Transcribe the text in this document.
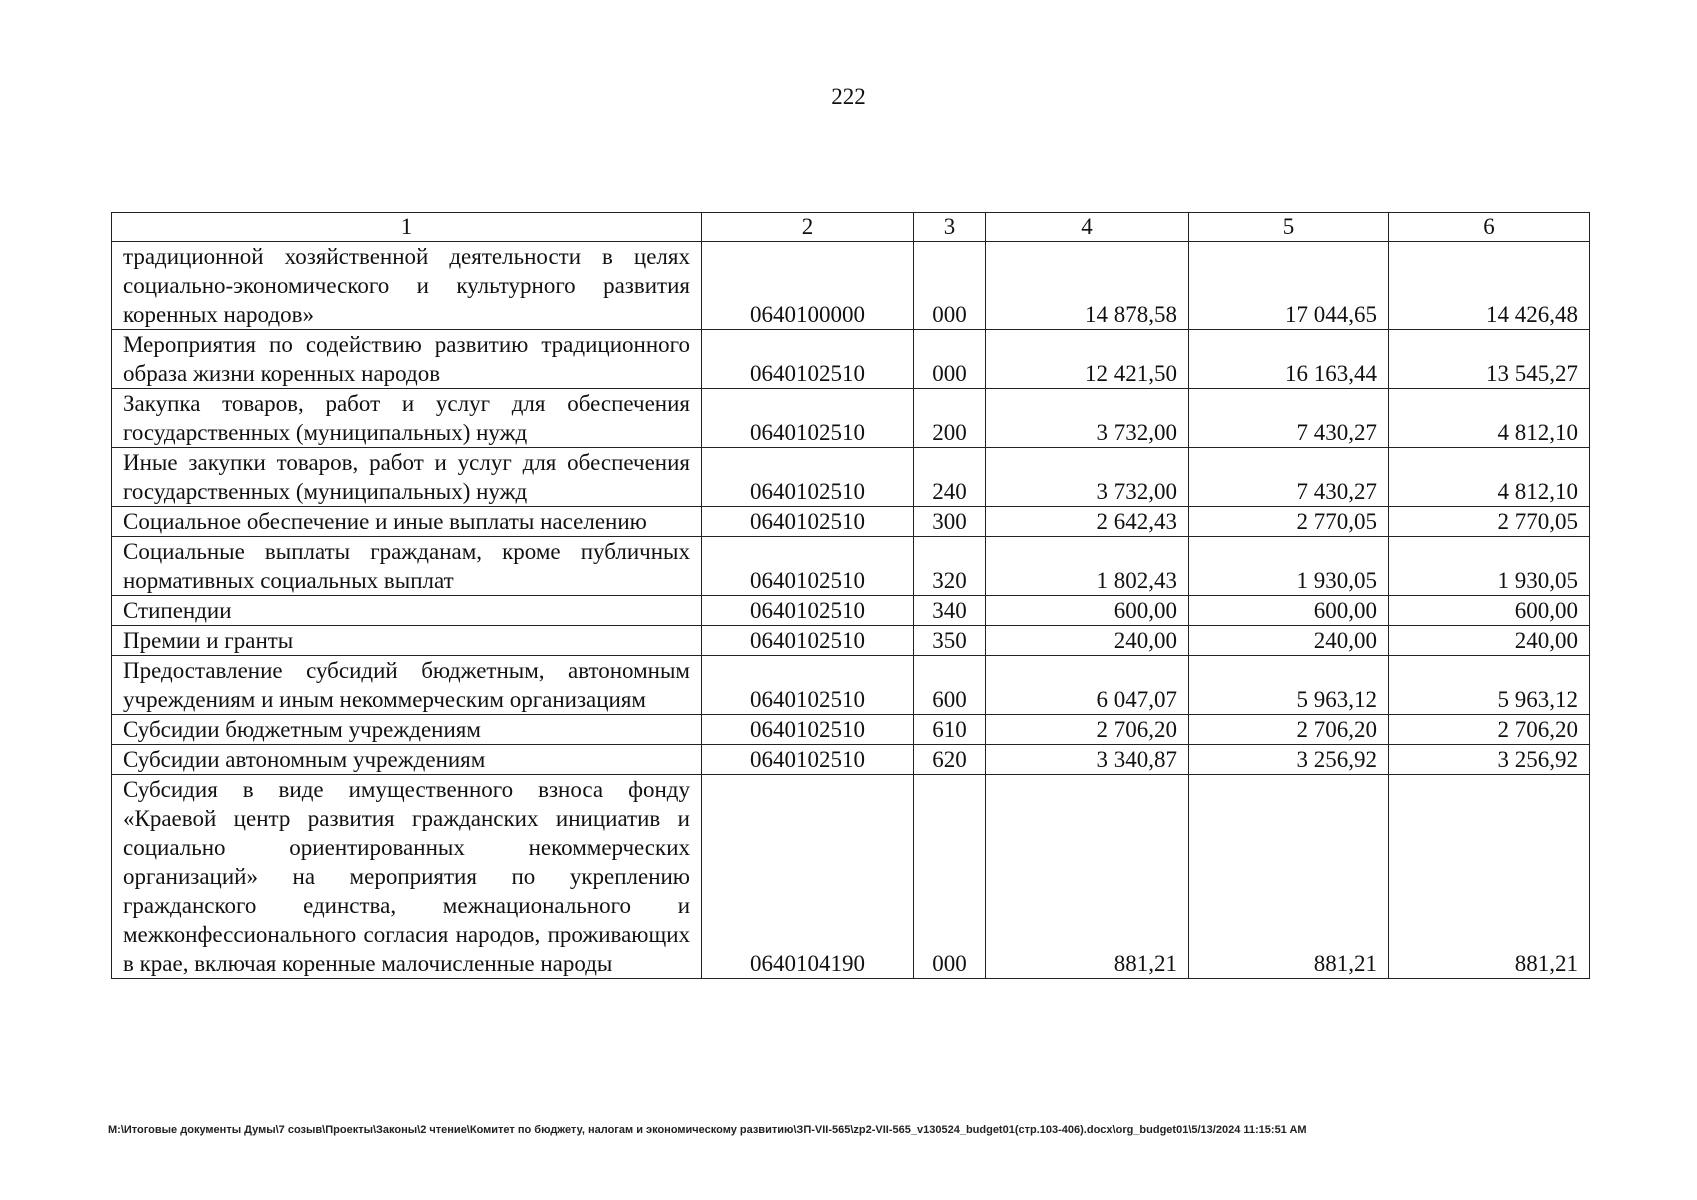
222
1	2	3	4	5	6
традиционной хозяйственной деятельности в целях социально-экономического и культурного развития коренных народов»	0640100000	000	14 878,58	17 044,65	14 426,48
Мероприятия по содействию развитию традиционного образа жизни коренных народов	0640102510	000	12 421,50	16 163,44	13 545,27
Закупка товаров, работ и услуг для обеспечения государственных (муниципальных) нужд	0640102510	200	3 732,00	7 430,27	4 812,10
Иные закупки товаров, работ и услуг для обеспечения государственных (муниципальных) нужд	0640102510	240	3 732,00	7 430,27	4 812,10
Социальное обеспечение и иные выплаты населению	0640102510	300	2 642,43	2 770,05	2 770,05
Социальные выплаты гражданам, кроме публичных нормативных социальных выплат	0640102510	320	1 802,43	1 930,05	1 930,05
Стипендии	0640102510	340	600,00	600,00	600,00
Премии и гранты	0640102510	350	240,00	240,00	240,00
Предоставление субсидий бюджетным, автономным учреждениям и иным некоммерческим организациям	0640102510	600	6 047,07	5 963,12	5 963,12
Субсидии бюджетным учреждениям	0640102510	610	2 706,20	2 706,20	2 706,20
Субсидии автономным учреждениям	0640102510	620	3 340,87	3 256,92	3 256,92
Субсидия в виде имущественного взноса фонду «Краевой центр развития гражданских инициатив и социально ориентированных некоммерческих организаций» на мероприятия по укреплению гражданского единства, межнационального и межконфессионального согласия народов, проживающих в крае, включая коренные малочисленные народы	0640104190	000	881,21	881,21	881,21
M:\Итоговые документы Думы\7 созыв\Проекты\Законы\2 чтение\Комитет по бюджету, налогам и экономическому развитию\ЗП-VII-565\zp2-VII-565_v130524_budget01(стр.103-406).docx\org_budget01\5/13/2024 11:15:51 AM
